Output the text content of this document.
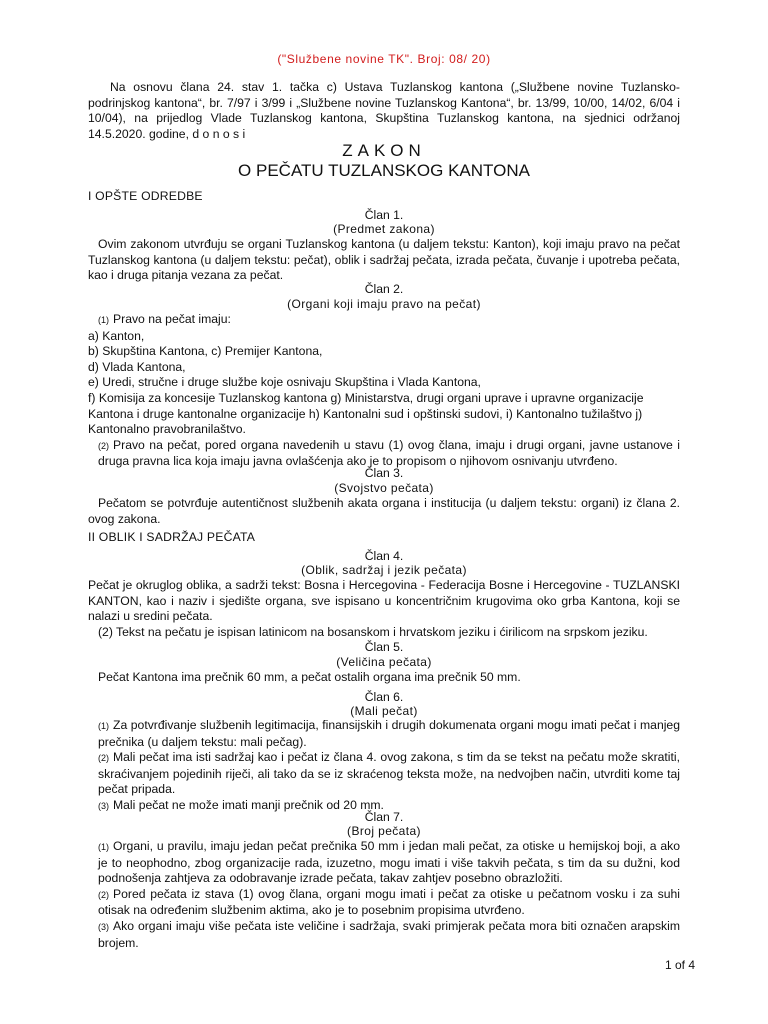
("Službene novine TK". Broj: 08/ 20)

Na osnovu člana 24. stav 1. tačka c) Ustava Tuzlanskog kantona („Službene novine Tuzlansko-podrinjskog kantona“, br. 7/97 i 3/99 i „Službene novine Tuzlanskog Kantona“, br. 13/99, 10/00, 14/02, 6/04 i 10/04), na prijedlog Vlade Tuzlanskog kantona, Skupština Tuzlanskog kantona, na sjednici održanoj 14.5.2020. godine, d o n o s i

ZAKON
O PEČATU TUZLANSKOG KANTONA
I OPŠTE ODREDBE
Član 1.
(Predmet zakona)

Ovim zakonom utvrđuju se organi Tuzlanskog kantona (u daljem tekstu: Kanton), koji imaju pravo na pečat Tuzlanskog kantona (u daljem tekstu: pečat), oblik i sadržaj pečata, izrada pečata, čuvanje i upotreba pečata, kao i druga pitanja vezana za pečat.

Član 2.
(Organi koji imaju pravo na pečat)

(1) Pravo na pečat imaju:

a) Kanton,

b) Skupština Kantona, c) Premijer Kantona,

d) Vlada Kantona,

e) Uredi, stručne i druge službe koje osnivaju Skupština i Vlada Kantona,

f) Komisija za koncesije Tuzlanskog kantona g) Ministarstva, drugi organi uprave i upravne organizacije Kantona i druge kantonalne organizacije h) Kantonalni sud i opštinski sudovi, i) Kantonalno tužilaštvo j) Kantonalno pravobranilaštvo.

(2) Pravo na pečat, pored organa navedenih u stavu (1) ovog člana, imaju i drugi organi, javne ustanove i druga pravna lica koja imaju javna ovlašćenja ako je to propisom o njihovom osnivanju utvrđeno.

Član 3.
(Svojstvo pečata)

Pečatom se potvrđuje autentičnost službenih akata organa i institucija (u daljem tekstu: organi) iz člana 2. ovog zakona.

II OBLIK I SADRŽAJ PEČATA
Član 4.
(Oblik, sadržaj i jezik pečata)

Pečat je okruglog oblika, a sadrži tekst: Bosna i Hercegovina - Federacija Bosne i Hercegovine - TUZLANSKI KANTON, kao i naziv i sjedište organa, sve ispisano u koncentričnim krugovima oko grba Kantona, koji se nalazi u sredini pečata.

(2) Tekst na pečatu je ispisan latinicom na bosanskom i hrvatskom jeziku i ćirilicom na srpskom jeziku.

Član 5.
(Veličina pečata)

Pečat Kantona ima prečnik 60 mm, a pečat ostalih organa ima prečnik 50 mm.

Član 6.
(Mali pečat)

(1) Za potvrđivanje službenih legitimacija, finansijskih i drugih dokumenata organi mogu imati pečat i manjeg prečnika (u daljem tekstu: mali pečag).

(2) Mali pečat ima isti sadržaj kao i pečat iz člana 4. ovog zakona, s tim da se tekst na pečatu može skratiti, skraćivanjem pojedinih riječi, ali tako da se iz skraćenog teksta može, na nedvojben način, utvrditi kome taj pečat pripada.

(3) Mali pečat ne može imati manji prečnik od 20 mm.

Član 7.
(Broj pečata)

(1) Organi, u pravilu, imaju jedan pečat prečnika 50 mm i jedan mali pečat, za otiske u hemijskoj boji, a ako je to neophodno, zbog organizacije rada, izuzetno, mogu imati i više takvih pečata, s tim da su dužni, kod podnošenja zahtjeva za odobravanje izrade pečata, takav zahtjev posebno obrazložiti.

(2) Pored pečata iz stava (1) ovog člana, organi mogu imati i pečat za otiske u pečatnom vosku i za suhi otisak na određenim službenim aktima, ako je to posebnim propisima utvrđeno.

(3) Ako organi imaju više pečata iste veličine i sadržaja, svaki primjerak pečata mora biti označen arapskim brojem.

1 of 4
